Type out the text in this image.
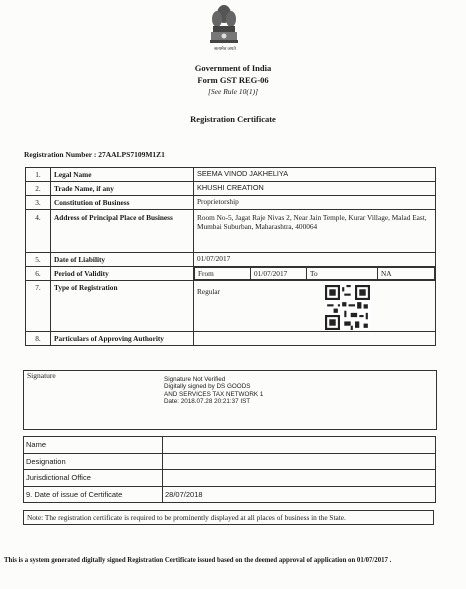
सत्यमेव जयते
Government of India
Form GST REG-06
[See Rule 10(1)]
Registration Certificate
Registration Number : 27AALPS7109M1Z1
1.	Legal Name	SEEMA VINOD JAKHELIYA
2.	Trade Name, if any	KHUSHI CREATION
3.	Constitution of Business	Proprietorship
4.	Address of Principal Place of Business	Room No-5, Jagat Raje Nivas 2, Near Jain Temple, Kurar Village, Malad East, Mumbai Suburban, Maharashtra, 400064
5.	Date of Liability	01/07/2017
6.	Period of Validity		From	01/07/2017	To	NA

7.	Type of Registration	Regular

8.	Particulars of Approving Authority	
Signature	Signature Not Verified
Digitally signed by DS GOODS
AND SERVICES TAX NETWORK 1
Date: 2018.07.28 20:21:37 IST
Name	
Designation	
Jurisdictional Office	
9. Date of issue of Certificate	28/07/2018
Note: The registration certificate is required to be prominently displayed at all places of business in the State.
This is a system generated digitally signed Registration Certificate issued based on the deemed approval of application on 01/07/2017 .
